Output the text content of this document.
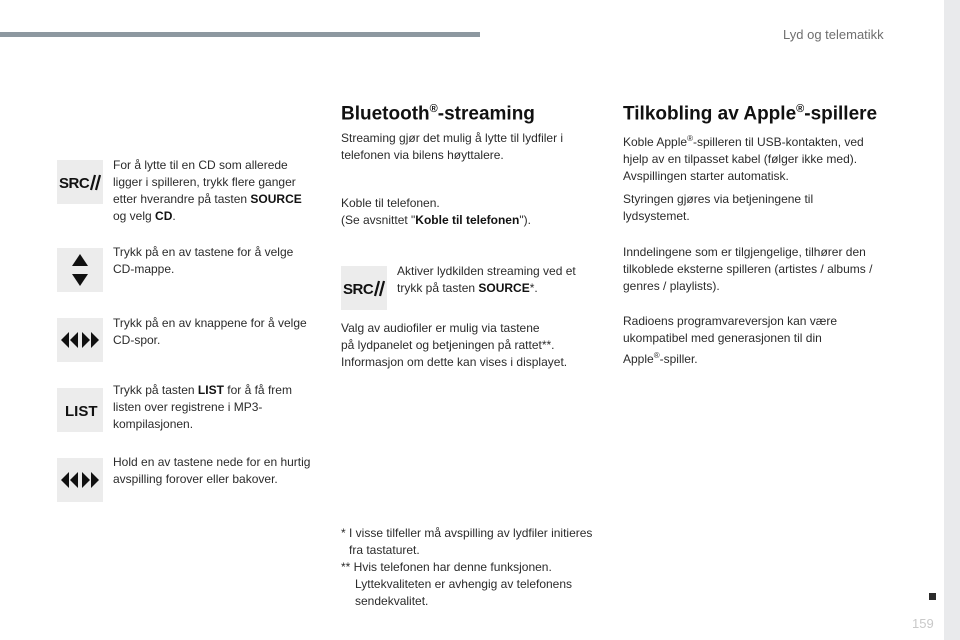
Lyd og telematikk
159
SRC

For å lytte til en CD som allerede
ligger i spilleren, trykk flere ganger
etter hverandre på tasten SOURCE
og velg CD.

Trykk på en av tastene for å velge
CD-mappe.

Trykk på en av knappene for å velge
CD-spor.

LIST

Trykk på tasten LIST for å få frem
listen over registrene i MP3-
kompilasjonen.

Hold en av tastene nede for en hurtig
avspilling forover eller bakover.

Bluetooth®-streaming

Streaming gjør det mulig å lytte til lydfiler i
telefonen via bilens høyttalere.

Koble til telefonen.
(Se avsnittet "Koble til telefonen").

SRC

Aktiver lydkilden streaming ved et
trykk på tasten SOURCE*.

Valg av audiofiler er mulig via tastene
på lydpanelet og betjeningen på rattet**.
Informasjon om dette kan vises i displayet.

* I visse tilfeller må avspilling av lydfiler initieres
fra tastaturet.
** Hvis telefonen har denne funksjonen.
Lyttekvaliteten er avhengig av telefonens
sendekvalitet.
Tilkobling av Apple®-spillere

Koble Apple®-spilleren til USB-kontakten, ved
hjelp av en tilpasset kabel (følger ikke med).
Avspillingen starter automatisk.

Styringen gjøres via betjeningene til
lydsystemet.

Inndelingene som er tilgjengelige, tilhører den
tilkoblede eksterne spilleren (artistes / albums /
genres / playlists).

Radioens programvareversjon kan være
ukompatibel med generasjonen til din
Apple®-spiller.
